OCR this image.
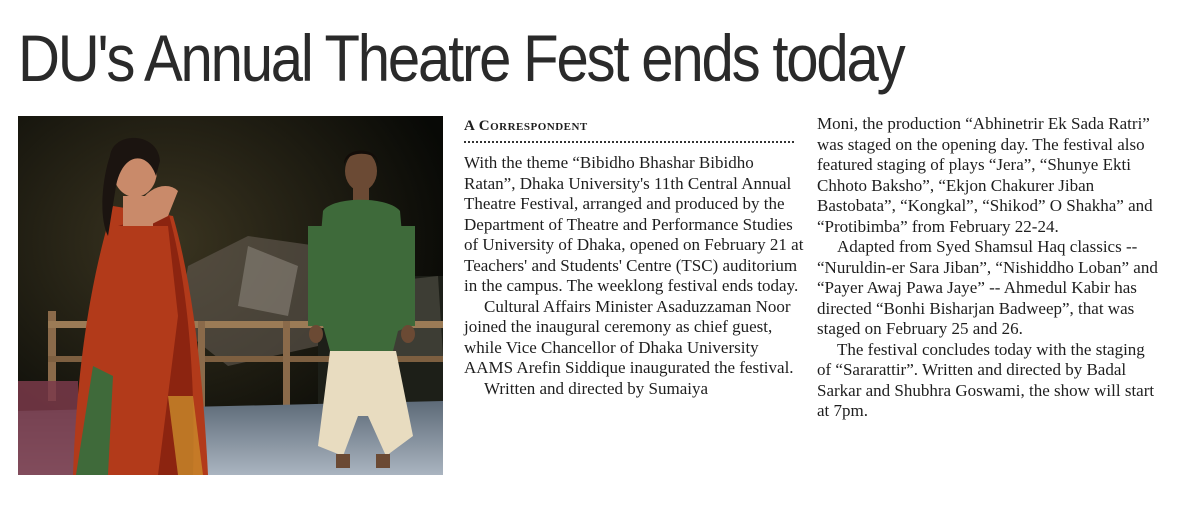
DU's Annual Theatre Fest ends today
A Correspondent

With the theme “Bibidho Bhashar Bibidho Ratan”, Dhaka University's 11th Central Annual Theatre Festival, arranged and produced by the Department of Theatre and Performance Studies of University of Dhaka, opened on February 21 at Teachers' and Students' Centre (TSC) auditorium in the campus. The weeklong festival ends today.

Cultural Affairs Minister Asaduzzaman Noor joined the inaugural ceremony as chief guest, while Vice Chancellor of Dhaka University AAMS Arefin Siddique inaugurated the festival.

Written and directed by Sumaiya

Moni, the production “Abhinetrir Ek Sada Ratri” was staged on the opening day. The festival also featured staging of plays “Jera”, “Shunye Ekti Chhoto Baksho”, “Ekjon Chakurer Jiban Bastobata”, “Kongkal”, “Shikod” O Shakha” and “Protibimba” from February 22-24.

Adapted from Syed Shamsul Haq classics -- “Nuruldin-er Sara Jiban”, “Nishiddho Loban” and “Payer Awaj Pawa Jaye” -- Ahmedul Kabir has directed “Bonhi Bisharjan Badweep”, that was staged on February 25 and 26.

The festival concludes today with the staging of “Sararattir”. Written and directed by Badal Sarkar and Shubhra Goswami, the show will start at 7pm.
